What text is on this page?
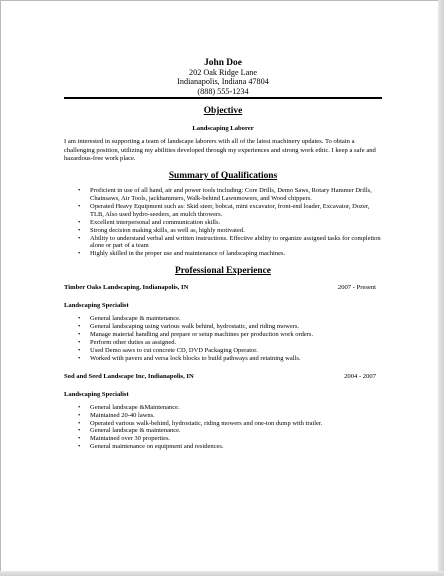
John Doe
202 Oak Ridge Lane
Indianapolis, Indiana 47804
(888) 555-1234
Objective
Landscaping Laborer

I am interested in supporting a team of landscape laborers with all of the latest machinery updates. To obtain a challenging position, utilizing my abilities developed through my experiences and strong work ethic. I keep a safe and hazardous-free work place.

Summary of Qualifications
• Proficient in use of all hand, air and power tools including: Core Drills, Demo Saws, Rotary Hammer Drills, Chainsaws, Air Tools, jackhammers, Walk-behind Lawnmowers, and Wood chippers.
• Operated Heavy Equipment such as: Skid steer, bobcat, mini excavator, front-end loader, Excavator, Dozer, TLB, Also used hydro-seeders, an mulch throwers.
• Excellent interpersonal and communication skills.
• Strong decision making skills, as well as, highly motivated.
• Ability to understand verbal and written instructions. Effective ability to organize assigned tasks for completion alone or part of a team
• Highly skilled in the proper use and maintenance of landscaping machines.
Professional Experience
Timber Oaks Landscaping, Indianapolis, IN	2007 - Present
Landscaping Specialist
• General landscape & maintenance.
• General landscaping using various walk behind, hydrostatic, and riding mowers.
• Manage material handling and prepare or setup machines per production work orders.
• Perform other duties as assigned.
• Used Demo saws to cut concrete CD, DVD Packaging Operator.
• Worked with pavers and versa lock blocks to build pathways and retaining walls.
Sod and Seed Landscape Inc, Indianapolis, IN	2004 - 2007
Landscaping Specialist
• General landscape &Maintenance.
• Maintained 20-40 lawns.
• Operated various walk-behind, hydrostatic, riding mowers and one-ton dump with trailer.
• General landscape & maintenance.
• Maintained over 30 properties.
• General maintenance on equipment and residences.
